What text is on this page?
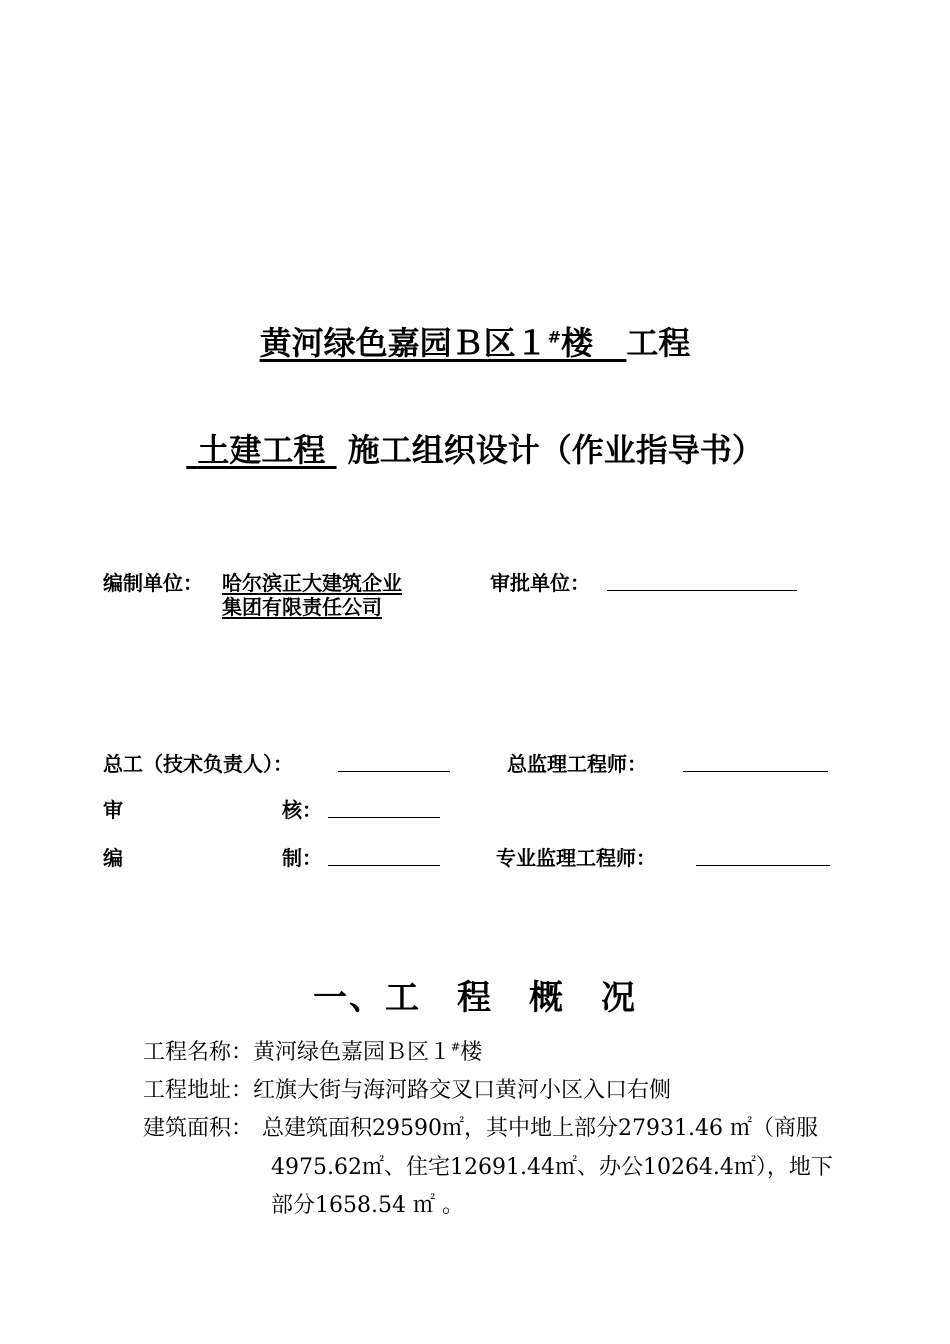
黄河绿色嘉园Ｂ区１#楼 工程
土建工程 施工组织设计（作业指导书）
编制单位： 哈尔滨正大建筑企业
集团有限责任公司
审批单位：
总工（技术负责人）：	总监理工程师：
审	核：
编	制：	专业监理工程师：
一、工　程　概　况
工程名称：黄河绿色嘉园Ｂ区１#楼
工程地址：红旗大街与海河路交叉口黄河小区入口右侧
建筑面积： 总建筑面积29590㎡，其中地上部分27931.46 ㎡（商服
4975.62㎡、住宅12691.44㎡、办公10264.4㎡），地下
部分1658.54 ㎡ 。
